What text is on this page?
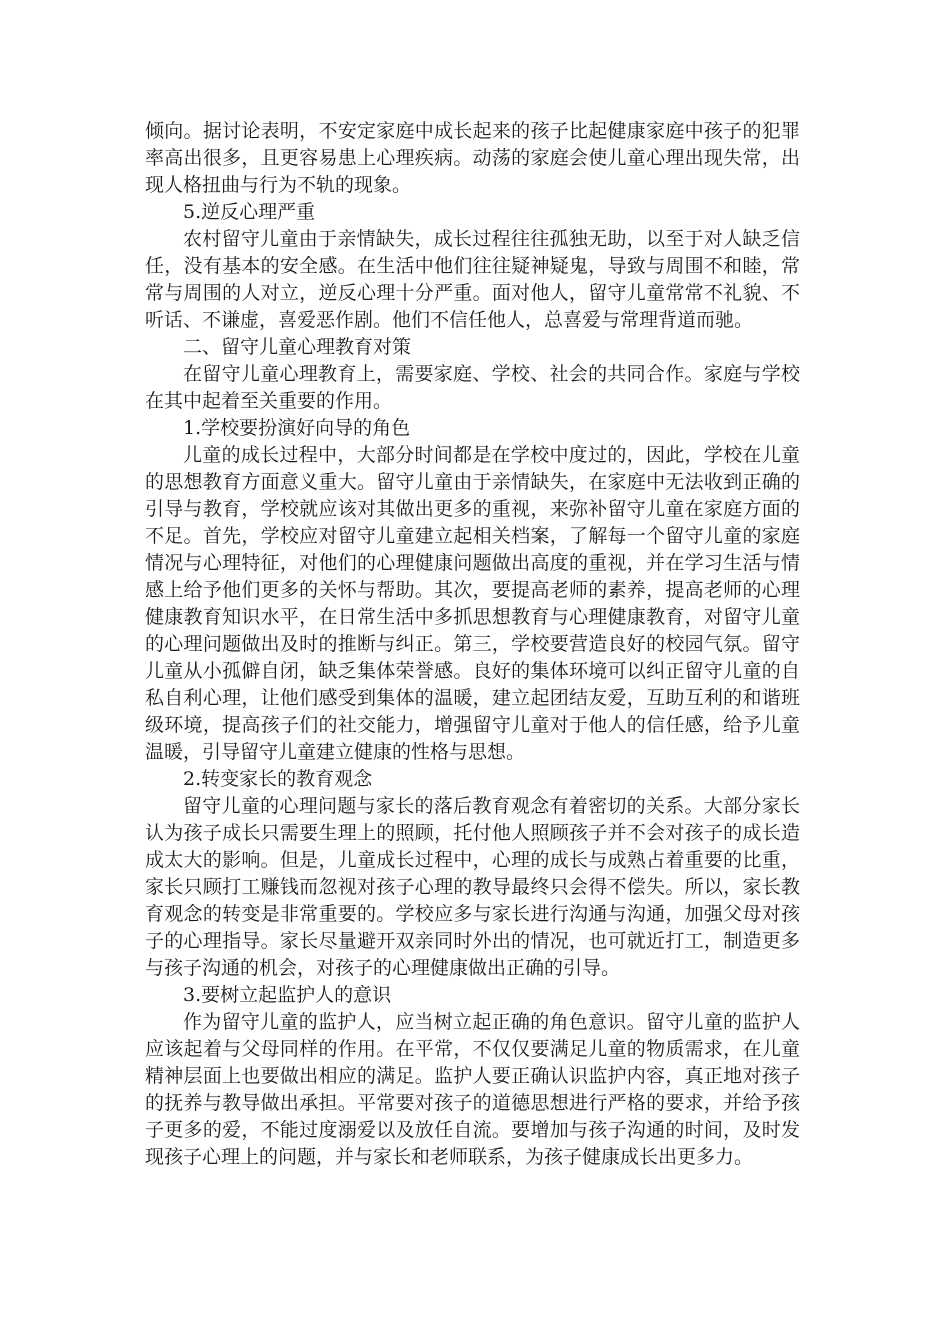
倾向。据讨论表明，不安定家庭中成长起来的孩子比起健康家庭中孩子的犯罪率高出很多，且更容易患上心理疾病。动荡的家庭会使儿童心理出现失常，出现人格扭曲与行为不轨的现象。

5.逆反心理严重

农村留守儿童由于亲情缺失，成长过程往往孤独无助，以至于对人缺乏信任，没有基本的安全感。在生活中他们往往疑神疑鬼，导致与周围不和睦，常常与周围的人对立，逆反心理十分严重。面对他人，留守儿童常常不礼貌、不听话、不谦虚，喜爱恶作剧。他们不信任他人，总喜爱与常理背道而驰。

二、留守儿童心理教育对策

在留守儿童心理教育上，需要家庭、学校、社会的共同合作。家庭与学校在其中起着至关重要的作用。

1.学校要扮演好向导的角色

儿童的成长过程中，大部分时间都是在学校中度过的，因此，学校在儿童的思想教育方面意义重大。留守儿童由于亲情缺失，在家庭中无法收到正确的引导与教育，学校就应该对其做出更多的重视，来弥补留守儿童在家庭方面的不足。首先，学校应对留守儿童建立起相关档案，了解每一个留守儿童的家庭情况与心理特征，对他们的心理健康问题做出高度的重视，并在学习生活与情感上给予他们更多的关怀与帮助。其次，要提高老师的素养，提高老师的心理健康教育知识水平，在日常生活中多抓思想教育与心理健康教育，对留守儿童的心理问题做出及时的推断与纠正。第三，学校要营造良好的校园气氛。留守儿童从小孤僻自闭，缺乏集体荣誉感。良好的集体环境可以纠正留守儿童的自私自利心理，让他们感受到集体的温暖，建立起团结友爱，互助互利的和谐班级环境，提高孩子们的社交能力，增强留守儿童对于他人的信任感，给予儿童温暖，引导留守儿童建立健康的性格与思想。

2.转变家长的教育观念

留守儿童的心理问题与家长的落后教育观念有着密切的关系。大部分家长认为孩子成长只需要生理上的照顾，托付他人照顾孩子并不会对孩子的成长造成太大的影响。但是，儿童成长过程中，心理的成长与成熟占着重要的比重，家长只顾打工赚钱而忽视对孩子心理的教导最终只会得不偿失。所以，家长教育观念的转变是非常重要的。学校应多与家长进行沟通与沟通，加强父母对孩子的心理指导。家长尽量避开双亲同时外出的情况，也可就近打工，制造更多与孩子沟通的机会，对孩子的心理健康做出正确的引导。

3.要树立起监护人的意识

作为留守儿童的监护人，应当树立起正确的角色意识。留守儿童的监护人应该起着与父母同样的作用。在平常，不仅仅要满足儿童的物质需求，在儿童精神层面上也要做出相应的满足。监护人要正确认识监护内容，真正地对孩子的抚养与教导做出承担。平常要对孩子的道德思想进行严格的要求，并给予孩子更多的爱，不能过度溺爱以及放任自流。要增加与孩子沟通的时间，及时发现孩子心理上的问题，并与家长和老师联系，为孩子健康成长出更多力。
